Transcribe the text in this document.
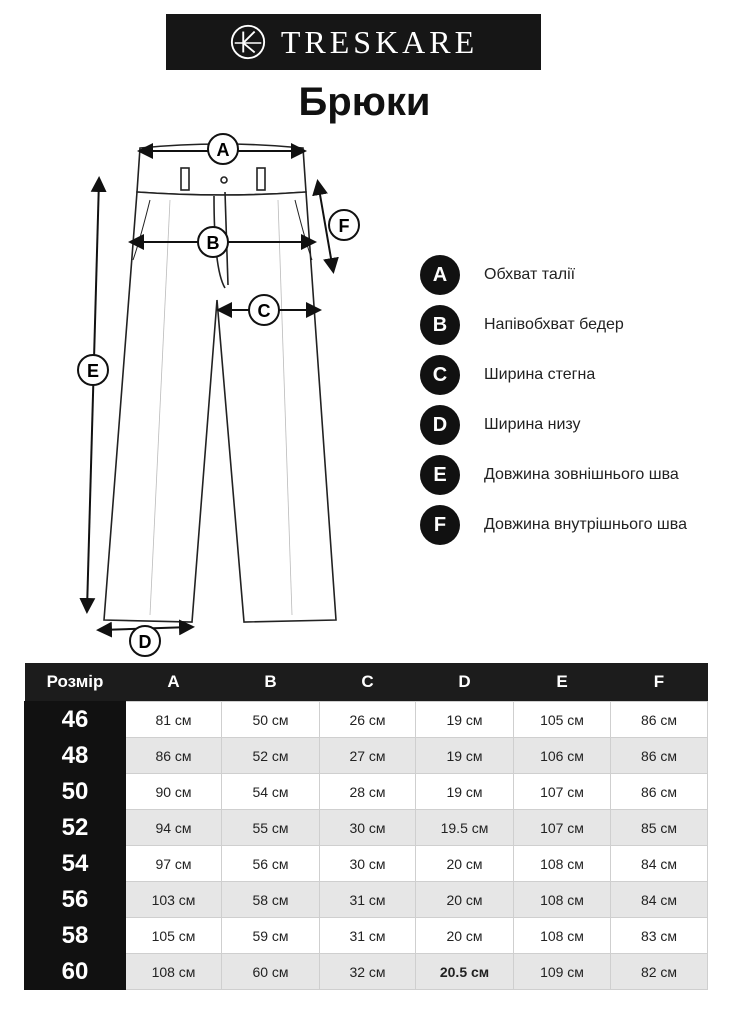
TRESKARE
Брюки
A
B
C
D
E
F
A	Обхват талії
B	Напівобхват бедер
C	Ширина стегна
D	Ширина низу
E	Довжина зовнішнього шва
F	Довжина внутрішнього шва
Розмір	A	B	C	D	E	F
46	81 см	50 см	26 см	19 см	105 см	86 см
48	86 см	52 см	27 см	19 см	106 см	86 см
50	90 см	54 см	28 см	19 см	107 см	86 см
52	94 см	55 см	30 см	19.5 см	107 см	85 см
54	97 см	56 см	30 см	20 см	108 см	84 см
56	103 см	58 см	31 см	20 см	108 см	84 см
58	105 см	59 см	31 см	20 см	108 см	83 см
60	108 см	60 см	32 см	20.5 см	109 см	82 см
